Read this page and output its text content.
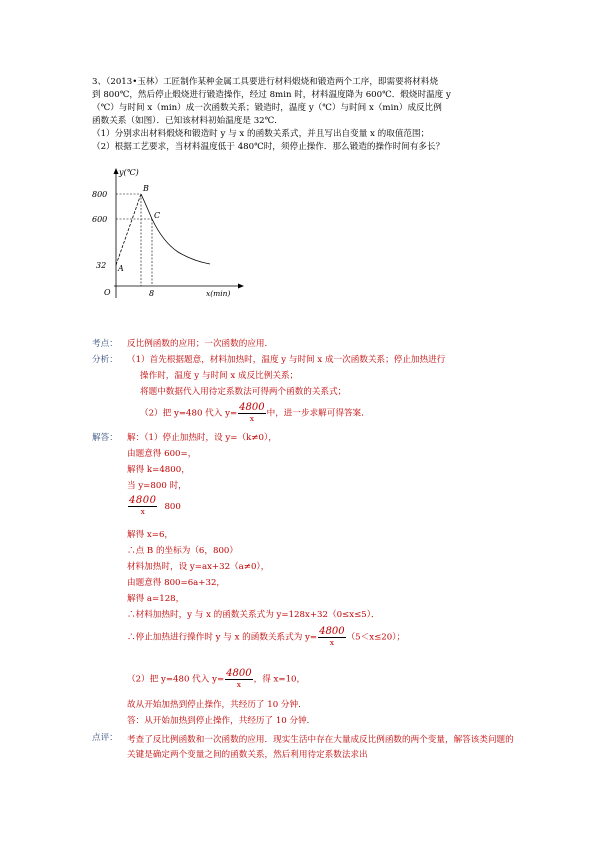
3、（2013•玉林）工匠制作某种金属工具要进行材料煅烧和锻造两个工序，即需要将材料烧
到 800℃，然后停止煅烧进行锻造操作，经过 8min 时，材料温度降为 600℃．煅烧时温度 y
（℃）与时间 x（min）成一次函数关系；锻造时，温度 y（℃）与时间 x（min）成反比例
函数关系（如图）．已知该材料初始温度是 32℃．
（1）分别求出材料煅烧和锻造时 y 与 x 的函数关系式，并且写出自变量 x 的取值范围；
（2）根据工艺要求，当材料温度低于 480℃时，须停止操作．那么锻造的操作时间有多长？
y(℃)
x(min)
O
800
600
32
8
A
B
C
考点： 反比例函数的应用；一次函数的应用．
分析： （1）首先根据题意，材料加热时，温度 y 与时间 x 成一次函数关系；停止加热进行
操作时，温度 y 与时间 x 成反比例关系；
将题中数据代入用待定系数法可得两个函数的关系式；
（2）把 y=480 代入 $y= \frac{4800}{x}$ 中，进一步求解可得答案．
解答： 解：（1）停止加热时，设 y=（k≠0），
由题意得 600=，
解得 k=4800，
当 y=800 时，
$\frac{4800}{x} 800$
解得 x=6，
∴点 B 的坐标为（6，800）
材料加热时，设 y=ax+32（a≠0），
由题意得 800=6a+32，
解得 a=128，
∴材料加热时，y 与 x 的函数关系式为 y=128x+32（0≤x≤5）．
∴停止加热进行操作时 y 与 x 的函数关系式为 $y= \frac{4800}{x} (5<x\le 20)$；
（2）把 y=480 代入 $y= \frac{4800}{x}$ ，得 x=10，
故从开始加热到停止操作，共经历了 10 分钟．
答：从开始加热到停止操作，共经历了 10 分钟．
点评： 考查了反比例函数和一次函数的应用．现实生活中存在大量成反比例函数的两个变量，解答该类问题的关键是确定两个变量之间的函数关系，然后利用待定系数法求出
